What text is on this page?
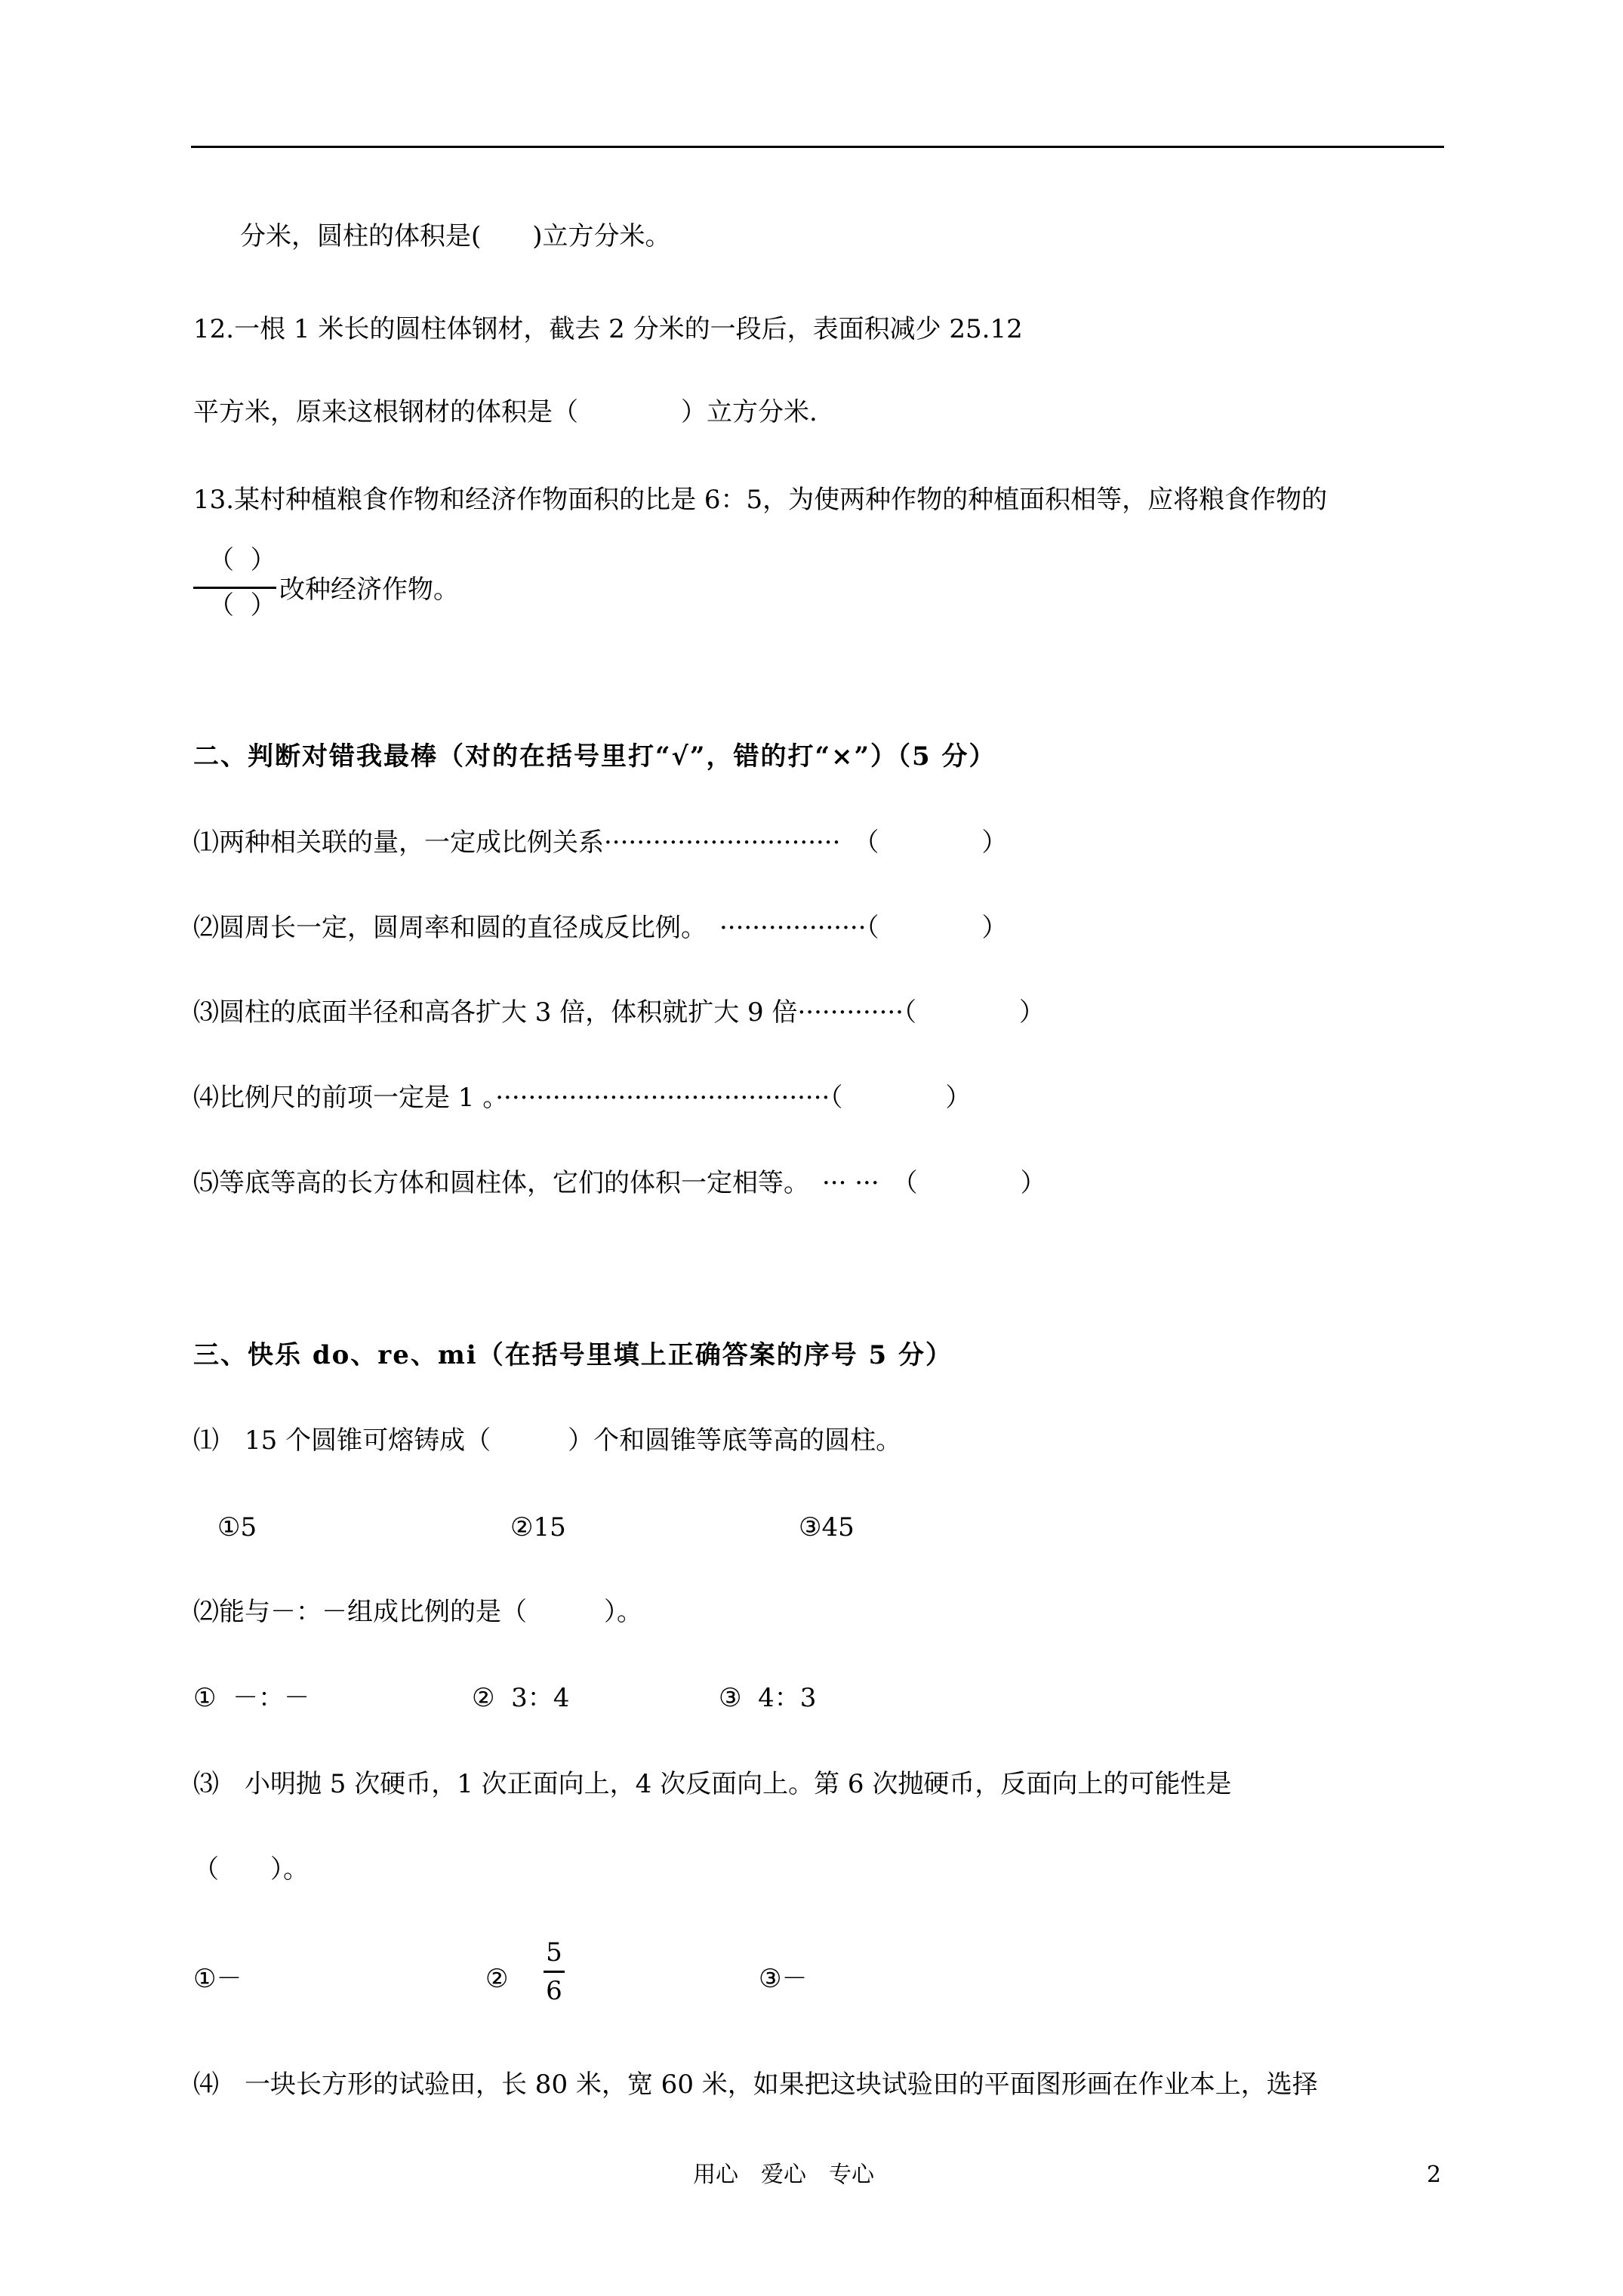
分米，圆柱的体积是(　　)立方分米。
12.一根 1 米长的圆柱体钢材，截去 2 分米的一段后，表面积减少 25.12
平方米，原来这根钢材的体积是（　　　　）立方分米.
13.某村种植粮食作物和经济作物面积的比是 6：5，为使两种作物的种植面积相等，应将粮食作物的
（  ）
（  ）
改种经济作物。
二、判断对错我最棒（对的在括号里打“√”，错的打“×”）（5 分）
⑴两种相关联的量，一定成比例关系·····························　（　　　　）
⑵圆周长一定，圆周率和圆的直径成反比例。　··················（　　　　）
⑶圆柱的底面半径和高各扩大 3 倍，体积就扩大 9 倍·············（　　　　）
⑷比例尺的前项一定是 1 。·········································（　　　　）
⑸等底等高的长方体和圆柱体，它们的体积一定相等。　··· ···　（　　　　）
三、快乐 do、re、mi（在括号里填上正确答案的序号 5 分）
⑴　15 个圆锥可熔铸成（　　　）个和圆锥等底等高的圆柱。
①5	②15	③45
⑵能与－：－组成比例的是（　　　）。
①  －：－	②  3：4	③  4：3
⑶　小明抛 5 次硬币，1 次正面向上，4 次反面向上。第 6 次抛硬币，反面向上的可能性是
（　　）。
①－	②
5
6	③－
⑷　一块长方形的试验田，长 80 米，宽 60 米，如果把这块试验田的平面图形画在作业本上，选择
用心　爱心　专心	2
